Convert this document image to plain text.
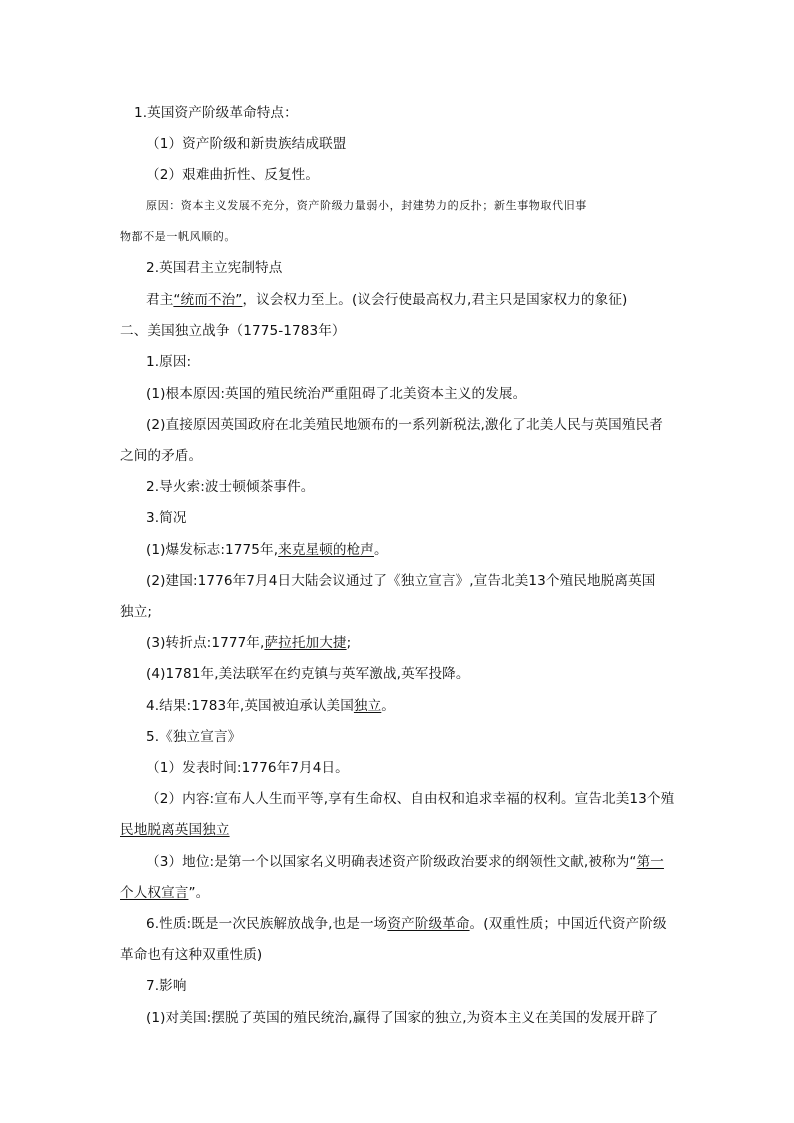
1.英国资产阶级革命特点：
（1）资产阶级和新贵族结成联盟
（2）艰难曲折性、反复性。
原因：资本主义发展不充分，资产阶级力量弱小，封建势力的反扑；新生事物取代旧事
物都不是一帆风顺的。
2.英国君主立宪制特点
君主“统而不治”，议会权力至上。(议会行使最高权力,君主只是国家权力的象征)
二、美国独立战争（1775-1783年）
1.原因:
(1)根本原因:英国的殖民统治严重阻碍了北美资本主义的发展。
(2)直接原因英国政府在北美殖民地颁布的一系列新税法,激化了北美人民与英国殖民者
之间的矛盾。
2.导火索:波士顿倾茶事件。
3.简况
(1)爆发标志:1775年,来克星顿的枪声。
(2)建国:1776年7月4日大陆会议通过了《独立宣言》,宣告北美13个殖民地脱离英国
独立;
(3)转折点:1777年,萨拉托加大捷;
(4)1781年,美法联军在约克镇与英军激战,英军投降。
4.结果:1783年,英国被迫承认美国独立。
5.《独立宣言》
（1）发表时间:1776年7月4日。
（2）内容:宣布人人生而平等,享有生命权、自由权和追求幸福的权利。宣告北美13个殖
民地脱离英国独立
（3）地位:是第一个以国家名义明确表述资产阶级政治要求的纲领性文献,被称为“第一
个人权宣言”。
6.性质:既是一次民族解放战争,也是一场资产阶级革命。(双重性质；中国近代资产阶级
革命也有这种双重性质)
7.影响
(1)对美国:摆脱了英国的殖民统治,赢得了国家的独立,为资本主义在美国的发展开辟了
